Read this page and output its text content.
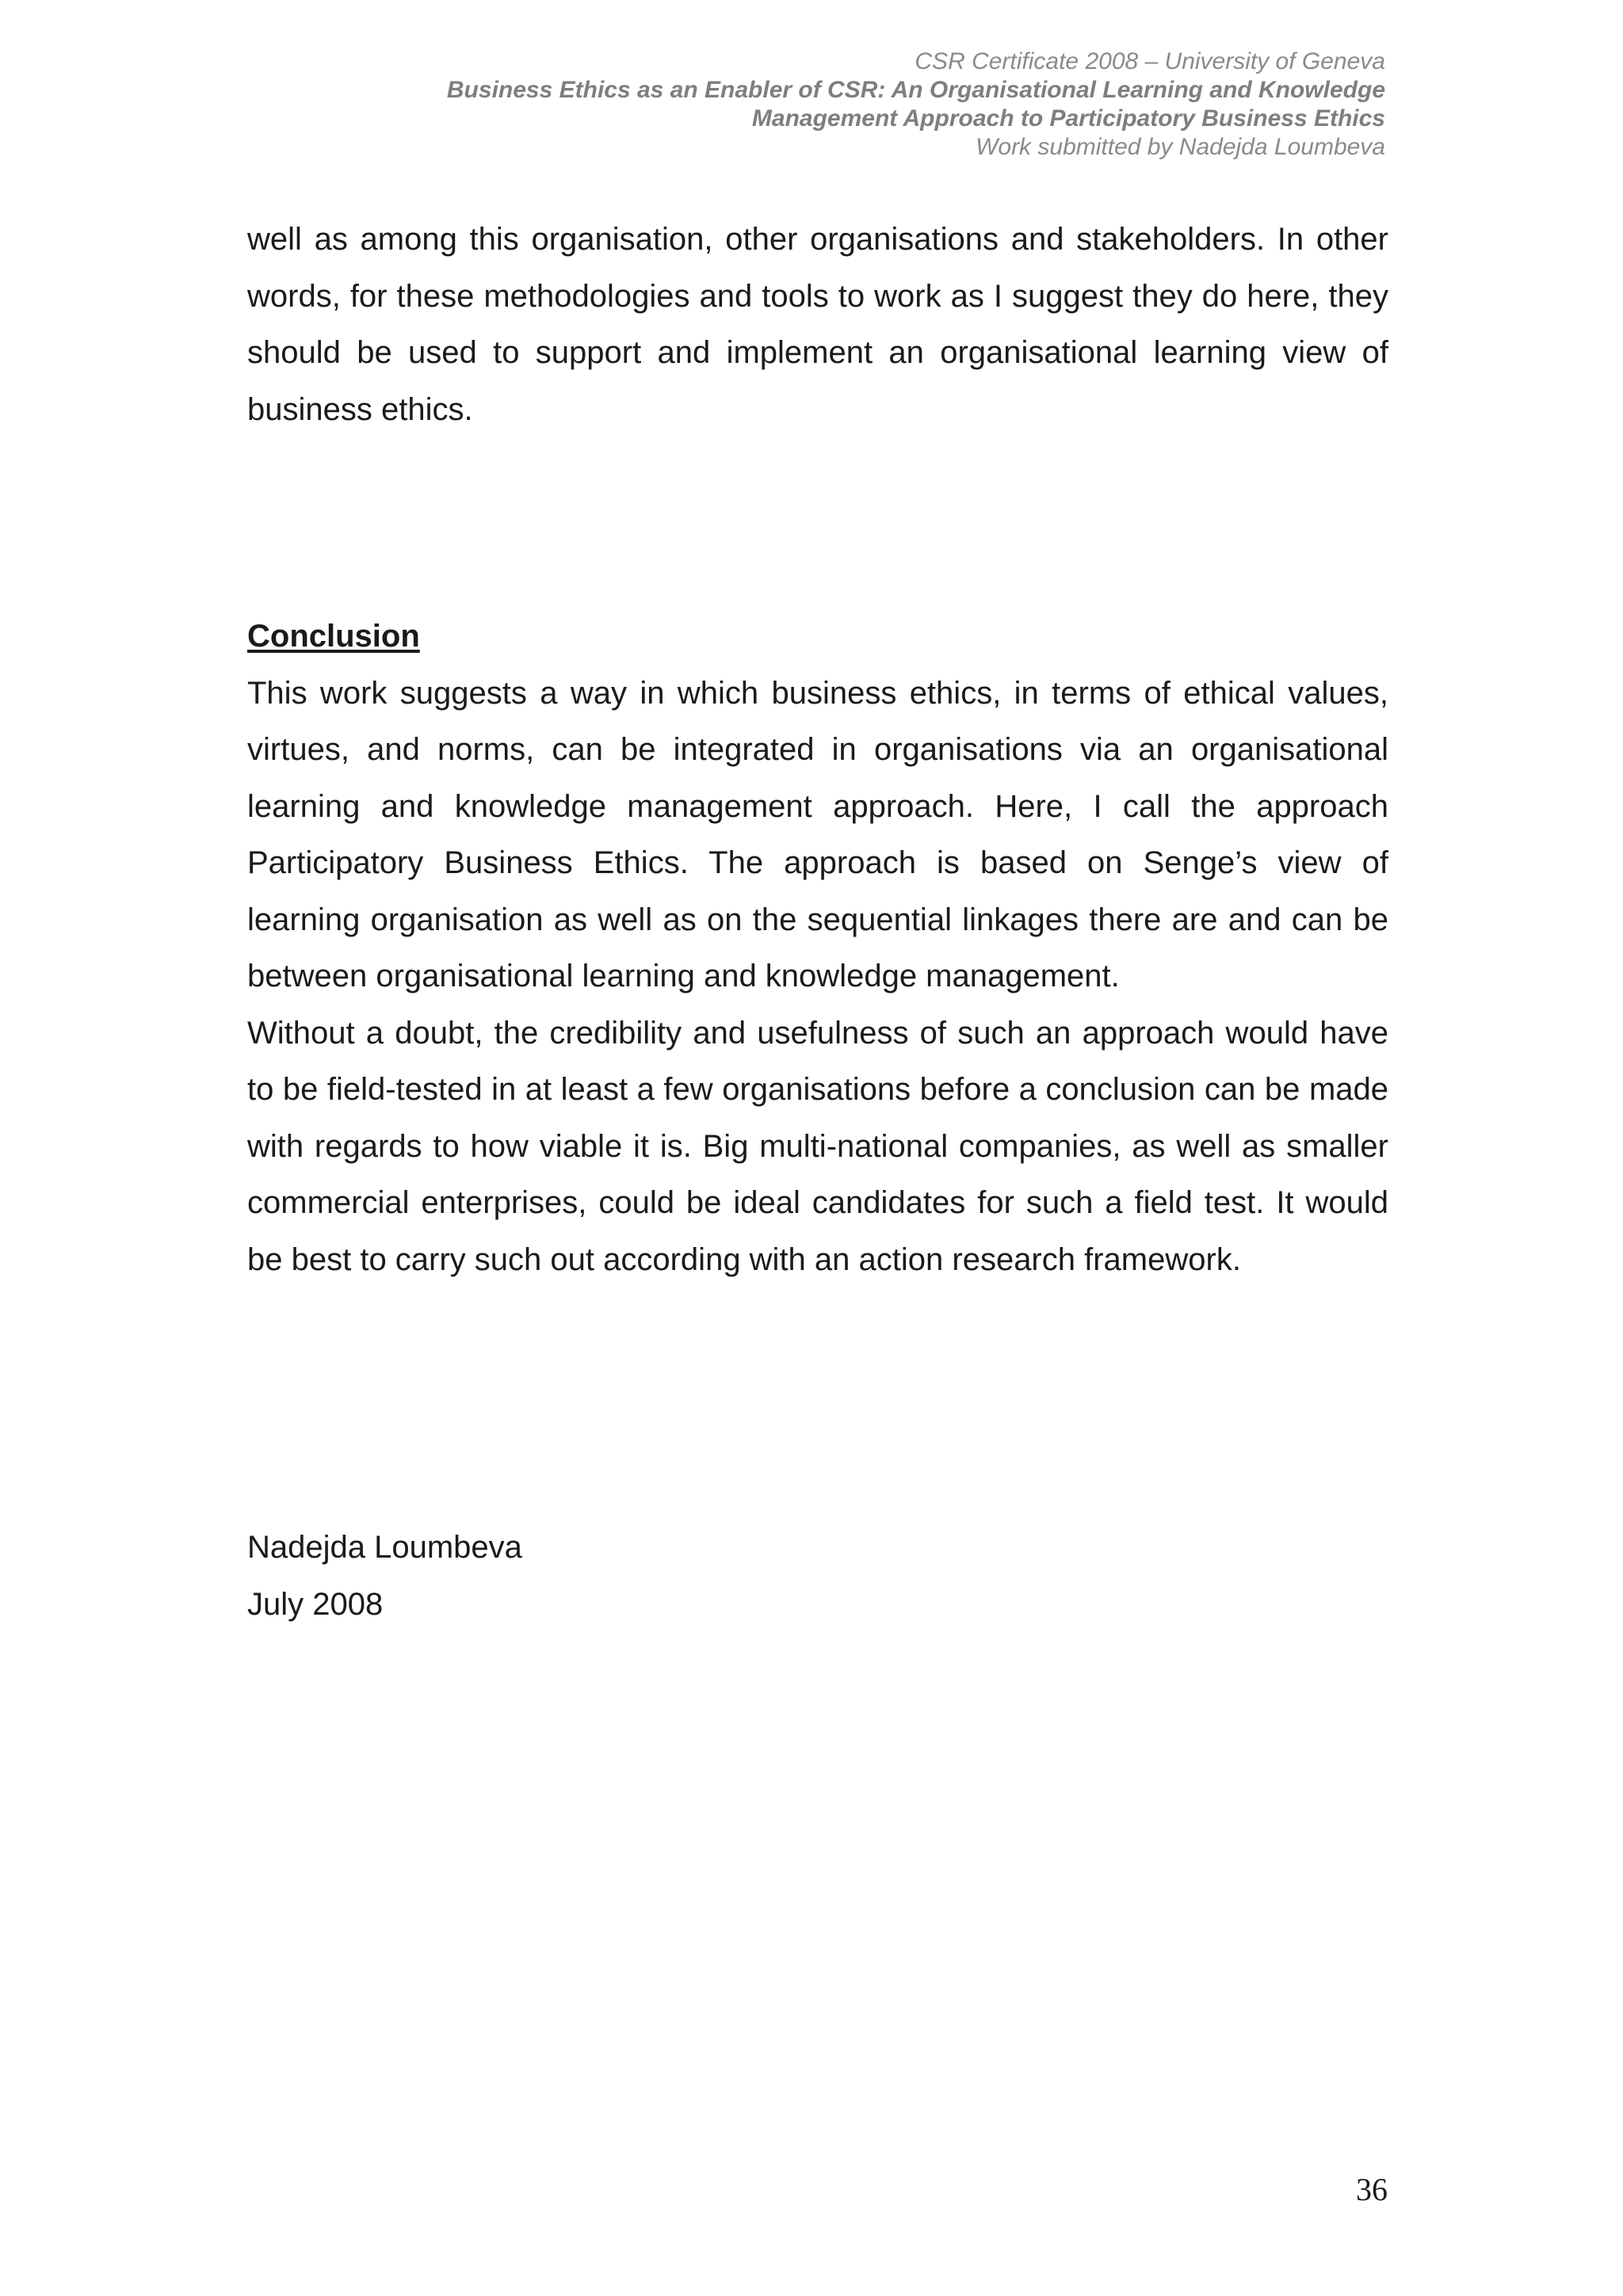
CSR Certificate 2008 – University of Geneva
Business Ethics as an Enabler of CSR: An Organisational Learning and Knowledge
Management Approach to Participatory Business Ethics
Work submitted by Nadejda Loumbeva

well as among this organisation, other organisations and stakeholders. In other words, for these methodologies and tools to work as I suggest they do here, they should be used to support and implement an organisational learning view of business ethics.

Conclusion

This work suggests a way in which business ethics, in terms of ethical values, virtues, and norms, can be integrated in organisations via an organisational learning and knowledge management approach. Here, I call the approach Participatory Business Ethics. The approach is based on Senge’s view of learning organisation as well as on the sequential linkages there are and can be between organisational learning and knowledge management.

Without a doubt, the credibility and usefulness of such an approach would have to be field-tested in at least a few organisations before a conclusion can be made with regards to how viable it is. Big multi-national companies, as well as smaller commercial enterprises, could be ideal candidates for such a field test. It would be best to carry such out according with an action research framework.

Nadejda Loumbeva
July 2008
36
